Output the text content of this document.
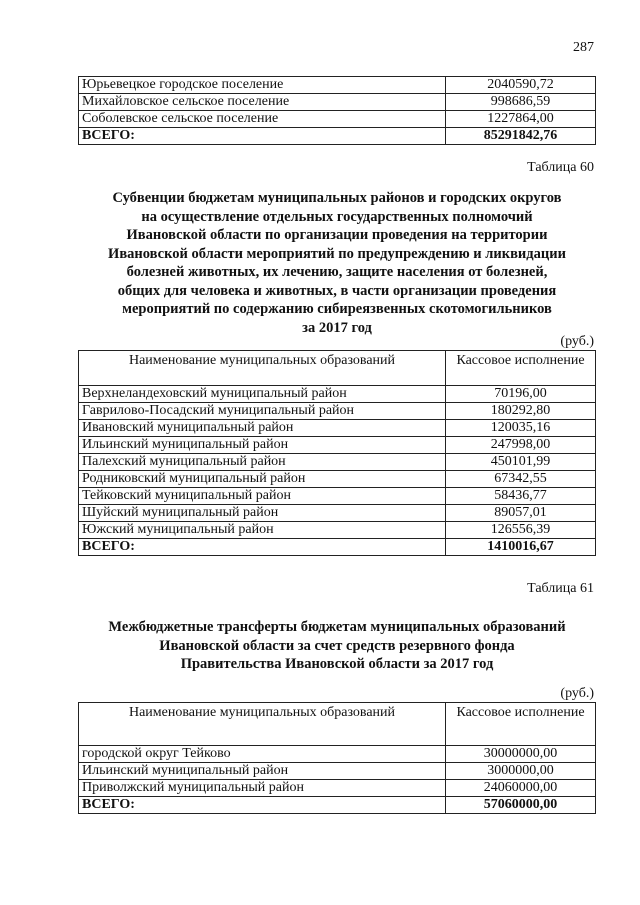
287
Юрьевецкое городское поселение	2040590,72
Михайловское сельское поселение	998686,59
Соболевское сельское поселение	1227864,00
ВСЕГО:	85291842,76
Таблица 60
Субвенции бюджетам муниципальных районов и городских округов
на осуществление отдельных государственных полномочий
Ивановской области по организации проведения на территории
Ивановской области мероприятий по предупреждению и ликвидации
болезней животных, их лечению, защите населения от болезней,
общих для человека и животных, в части организации проведения
мероприятий по содержанию сибиреязвенных скотомогильников
за 2017 год
(руб.)
Наименование муниципальных образований	Кассовое исполнение
Верхнеландеховский муниципальный район	70196,00
Гаврилово-Посадский муниципальный район	180292,80
Ивановский муниципальный район	120035,16
Ильинский муниципальный район	247998,00
Палехский муниципальный район	450101,99
Родниковский муниципальный район	67342,55
Тейковский муниципальный район	58436,77
Шуйский муниципальный район	89057,01
Южский муниципальный район	126556,39
ВСЕГО:	1410016,67
Таблица 61
Межбюджетные трансферты бюджетам муниципальных образований
Ивановской области за счет средств резервного фонда
Правительства Ивановской области за 2017 год
(руб.)
Наименование муниципальных образований	Кассовое исполнение
городской округ Тейково	30000000,00
Ильинский муниципальный район	3000000,00
Приволжский муниципальный район	24060000,00
ВСЕГО:	57060000,00
